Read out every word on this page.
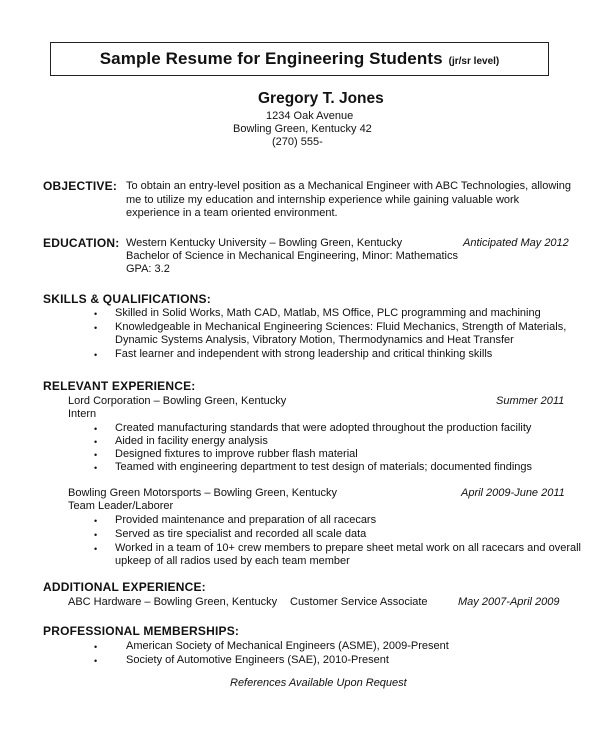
Sample Resume for Engineering Students (jr/sr level)
Gregory T. Jones
1234 Oak Avenue
Bowling Green, Kentucky 42
(270) 555-
OBJECTIVE: To obtain an entry-level position as a Mechanical Engineer with ABC Technologies, allowing
me to utilize my education and internship experience while gaining valuable work
experience in a team oriented environment.
EDUCATION: Western Kentucky University – Bowling Green, Kentucky	Anticipated May 2012
Bachelor of Science in Mechanical Engineering, Minor: Mathematics
GPA: 3.2
SKILLS & QUALIFICATIONS:
• Skilled in Solid Works, Math CAD, Matlab, MS Office, PLC programming and machining
• Knowledgeable in Mechanical Engineering Sciences: Fluid Mechanics, Strength of Materials,
Dynamic Systems Analysis, Vibratory Motion, Thermodynamics and Heat Transfer
• Fast learner and independent with strong leadership and critical thinking skills
RELEVANT EXPERIENCE:
Lord Corporation – Bowling Green, Kentucky	Summer 2011
Intern
• Created manufacturing standards that were adopted throughout the production facility
• Aided in facility energy analysis
• Designed fixtures to improve rubber flash material
• Teamed with engineering department to test design of materials; documented findings
Bowling Green Motorsports – Bowling Green, Kentucky	April 2009-June 2011
Team Leader/Laborer
• Provided maintenance and preparation of all racecars
• Served as tire specialist and recorded all scale data
• Worked in a team of 10+ crew members to prepare sheet metal work on all racecars and overall
upkeep of all radios used by each team member
ADDITIONAL EXPERIENCE:
ABC Hardware – Bowling Green, Kentucky Customer Service Associate	May 2007-April 2009
PROFESSIONAL MEMBERSHIPS:
•	American Society of Mechanical Engineers (ASME), 2009-Present
•	Society of Automotive Engineers (SAE), 2010-Present
References Available Upon Request
